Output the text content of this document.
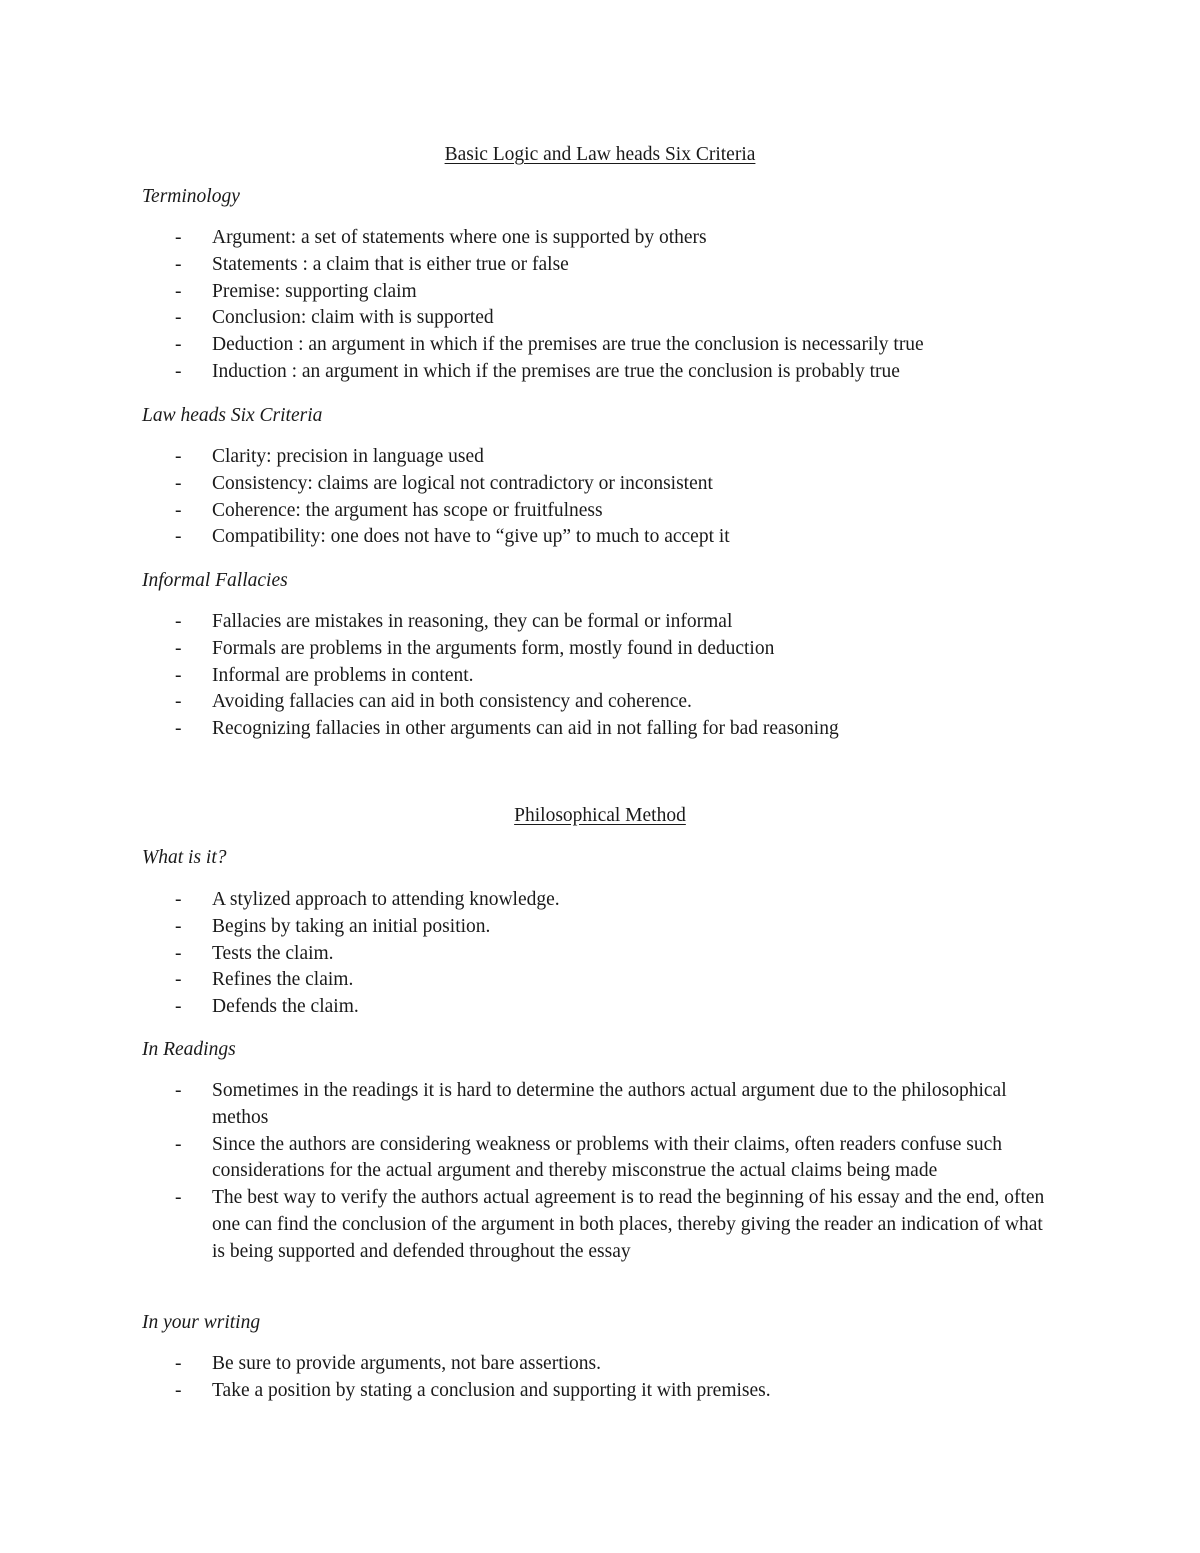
Basic Logic and Law heads Six Criteria
Terminology
- Argument: a set of statements where one is supported by others
- Statements : a claim that is either true or false
- Premise: supporting claim
- Conclusion: claim with is supported
- Deduction : an argument in which if the premises are true the conclusion is necessarily true
- Induction : an argument in which if the premises are true the conclusion is probably true
Law heads Six Criteria
- Clarity: precision in language used
- Consistency: claims are logical not contradictory or inconsistent
- Coherence: the argument has scope or fruitfulness
- Compatibility: one does not have to “give up” to much to accept it
Informal Fallacies
- Fallacies are mistakes in reasoning, they can be formal or informal
- Formals are problems in the arguments form, mostly found in deduction
- Informal are problems in content.
- Avoiding fallacies can aid in both consistency and coherence.
- Recognizing fallacies in other arguments can aid in not falling for bad reasoning
Philosophical Method
What is it?
- A stylized approach to attending knowledge.
- Begins by taking an initial position.
- Tests the claim.
- Refines the claim.
- Defends the claim.
In Readings
- Sometimes in the readings it is hard to determine the authors actual argument due to the philosophical methos
- Since the authors are considering weakness or problems with their claims, often readers confuse such considerations for the actual argument and thereby misconstrue the actual claims being made
- The best way to verify the authors actual agreement is to read the beginning of his essay and the end, often one can find the conclusion of the argument in both places, thereby giving the reader an indication of what is being supported and defended throughout the essay
In your writing
- Be sure to provide arguments, not bare assertions.
- Take a position by stating a conclusion and supporting it with premises.
